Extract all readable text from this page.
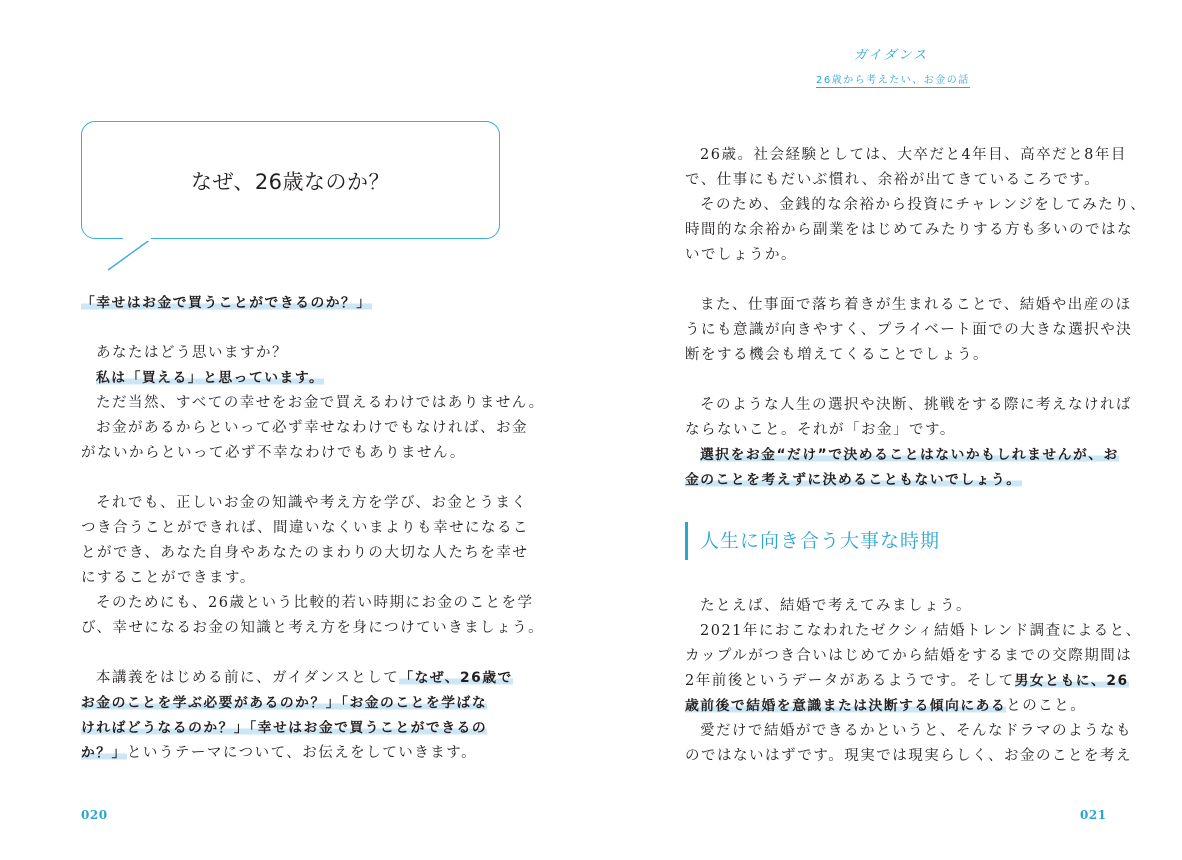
なぜ、26歳なのか？
「幸せはお金で買うことができるのか？」
あなたはどう思いますか？
私は「買える」と思っています。
ただ当然、すべての幸せをお金で買えるわけではありません。
お金があるからといって必ず幸せなわけでもなければ、お金
がないからといって必ず不幸なわけでもありません。
それでも、正しいお金の知識や考え方を学び、お金とうまく
つき合うことができれば、間違いなくいまよりも幸せになるこ
とができ、あなた自身やあなたのまわりの大切な人たちを幸せ
にすることができます。
そのためにも、26歳という比較的若い時期にお金のことを学
び、幸せになるお金の知識と考え方を身につけていきましょう。
本講義をはじめる前に、ガイダンスとして「なぜ、26歳で
お金のことを学ぶ必要があるのか？」「お金のことを学ばな
ければどうなるのか？」「幸せはお金で買うことができるの
か？」というテーマについて、お伝えをしていきます。
020
ガイダンス
26歳から考えたい、お金の話
26歳。社会経験としては、大卒だと4年目、高卒だと8年目
で、仕事にもだいぶ慣れ、余裕が出てきているころです。
そのため、金銭的な余裕から投資にチャレンジをしてみたり、
時間的な余裕から副業をはじめてみたりする方も多いのではな
いでしょうか。
また、仕事面で落ち着きが生まれることで、結婚や出産のほ
うにも意識が向きやすく、プライベート面での大きな選択や決
断をする機会も増えてくることでしょう。
そのような人生の選択や決断、挑戦をする際に考えなければ
ならないこと。それが「お金」です。
選択をお金“だけ”で決めることはないかもしれませんが、お
金のことを考えずに決めることもないでしょう。
人生に向き合う大事な時期
たとえば、結婚で考えてみましょう。
2021年におこなわれたゼクシィ結婚トレンド調査によると、
カップルがつき合いはじめてから結婚をするまでの交際期間は
2年前後というデータがあるようです。そして男女ともに、26
歳前後で結婚を意識または決断する傾向にあるとのこと。
愛だけで結婚ができるかというと、そんなドラマのようなも
のではないはずです。現実では現実らしく、お金のことを考え
021
